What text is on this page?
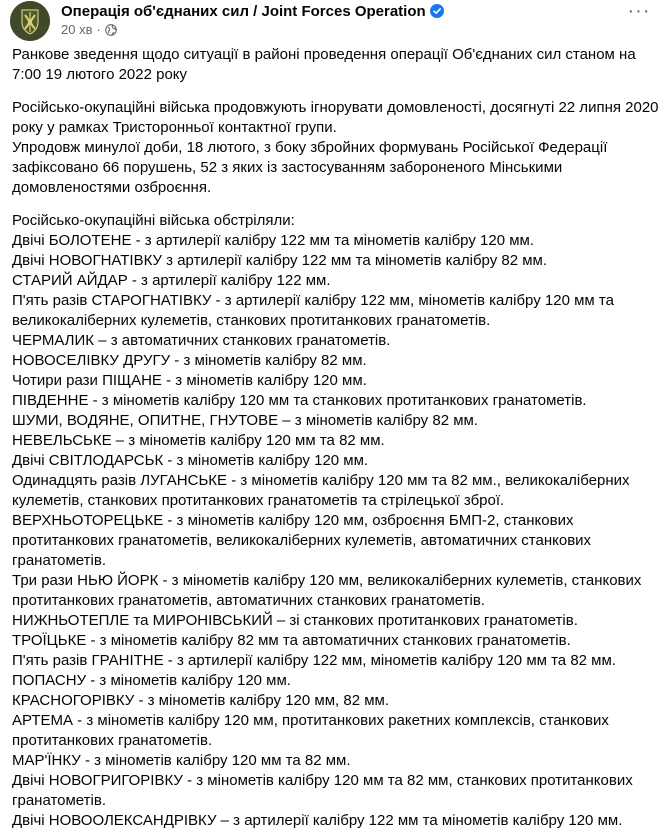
Операція об'єднаних сил / Joint Forces Operation
20 хв ·
···

Ранкове зведення щодо ситуації в районі проведення операції Об'єднаних сил станом на 7:00 19 лютого 2022 року

Російсько-окупаційні війська продовжують ігнорувати домовленості, досягнуті 22 липня 2020 року у рамках Тристоронньої контактної групи.

Упродовж минулої доби, 18 лютого, з боку збройних формувань Російської Федерації зафіксовано 66 порушень, 52 з яких із застосуванням забороненого Мінськими домовленостями озброєння.

Російсько-окупаційні війська обстріляли:

Двічі БОЛОТЕНЕ - з артилерії калібру 122 мм та мінометів калібру 120 мм.

Двічі НОВОГНАТІВКУ з артилерії калібру 122 мм та мінометів калібру 82 мм.

СТАРИЙ АЙДАР - з артилерії калібру 122 мм.

П'ять разів СТАРОГНАТІВКУ - з артилерії калібру 122 мм, мінометів калібру 120 мм та великокаліберних кулеметів, станкових протитанкових гранатометів.

ЧЕРМАЛИК – з автоматичних станкових гранатометів.

НОВОСЕЛІВКУ ДРУГУ - з мінометів калібру 82 мм.

Чотири рази ПІЩАНЕ - з мінометів калібру 120 мм.

ПІВДЕННЕ - з мінометів калібру 120 мм та станкових протитанкових гранатометів.

ШУМИ, ВОДЯНЕ, ОПИТНЕ, ГНУТОВЕ – з мінометів калібру 82 мм.

НЕВЕЛЬСЬКЕ – з мінометів калібру 120 мм та 82 мм.

Двічі СВІТЛОДАРСЬК - з мінометів калібру 120 мм.

Одинадцять разів ЛУГАНСЬКЕ - з мінометів калібру 120 мм та 82 мм., великокаліберних кулеметів, станкових протитанкових гранатометів та стрілецької зброї.

ВЕРХНЬОТОРЕЦЬКЕ - з мінометів калібру 120 мм, озброєння БМП-2, станкових протитанкових гранатометів, великокаліберних кулеметів, автоматичних станкових гранатометів.

Три рази НЬЮ ЙОРК - з мінометів калібру 120 мм, великокаліберних кулеметів, станкових протитанкових гранатометів, автоматичних станкових гранатометів.

НИЖНЬОТЕПЛЕ та МИРОНІВСЬКИЙ – зі станкових протитанкових гранатометів.

ТРОЇЦЬКЕ - з мінометів калібру 82 мм та автоматичних станкових гранатометів.

П'ять разів ГРАНІТНЕ - з артилерії калібру 122 мм, мінометів калібру 120 мм та 82 мм.

ПОПАСНУ - з мінометів калібру 120 мм.

КРАСНОГОРІВКУ - з мінометів калібру 120 мм, 82 мм.

АРТЕМА - з мінометів калібру 120 мм, протитанкових ракетних комплексів, станкових протитанкових гранатометів.

МАР'ЇНКУ - з мінометів калібру 120 мм та 82 мм.

Двічі НОВОГРИГОРІВКУ - з мінометів калібру 120 мм та 82 мм, станкових протитанкових гранатометів.

Двічі НОВООЛЕКСАНДРІВКУ – з артилерії калібру 122 мм та мінометів калібру 120 мм.
